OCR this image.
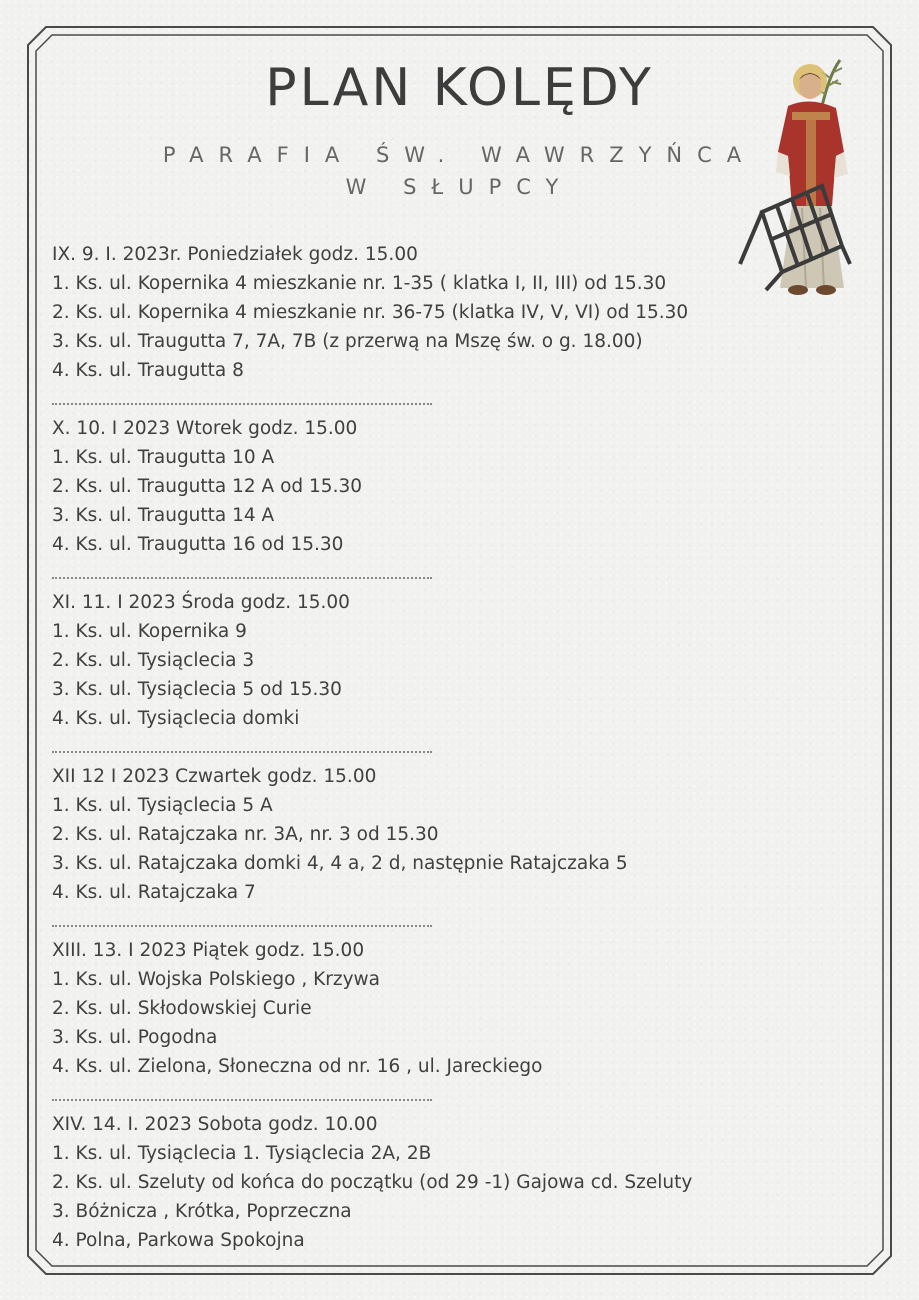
PLAN KOLĘDY
PARAFIA ŚW. WAWRZYŃCA
W SŁUPCY
IX. 9. I. 2023r. Poniedziałek godz. 15.00
1. Ks. ul. Kopernika 4 mieszkanie nr. 1-35 ( klatka I, II, III) od 15.30
2. Ks. ul. Kopernika 4 mieszkanie nr. 36-75 (klatka IV, V, VI) od 15.30
3. Ks. ul. Traugutta 7, 7A, 7B (z przerwą na Mszę św. o g. 18.00)
4. Ks. ul. Traugutta 8
X. 10. I 2023 Wtorek godz. 15.00
1. Ks. ul. Traugutta 10 A
2. Ks. ul. Traugutta 12 A od 15.30
3. Ks. ul. Traugutta 14 A
4. Ks. ul. Traugutta 16 od 15.30
XI. 11. I 2023 Środa godz. 15.00
1. Ks. ul. Kopernika 9
2. Ks. ul. Tysiąclecia 3
3. Ks. ul. Tysiąclecia 5 od 15.30
4. Ks. ul. Tysiąclecia domki
XII 12 I 2023 Czwartek godz. 15.00
1. Ks. ul. Tysiąclecia 5 A
2. Ks. ul. Ratajczaka nr. 3A, nr. 3 od 15.30
3. Ks. ul. Ratajczaka domki 4, 4 a, 2 d, następnie Ratajczaka 5
4. Ks. ul. Ratajczaka 7
XIII. 13. I 2023 Piątek godz. 15.00
1. Ks. ul. Wojska Polskiego , Krzywa
2. Ks. ul. Skłodowskiej Curie
3. Ks. ul. Pogodna
4. Ks. ul. Zielona, Słoneczna od nr. 16 , ul. Jareckiego
XIV. 14. I. 2023 Sobota godz. 10.00
1. Ks. ul. Tysiąclecia 1. Tysiąclecia 2A, 2B
2. Ks. ul. Szeluty od końca do początku (od 29 -1) Gajowa cd. Szeluty
3. Bóżnicza , Krótka, Poprzeczna
4. Polna, Parkowa Spokojna
